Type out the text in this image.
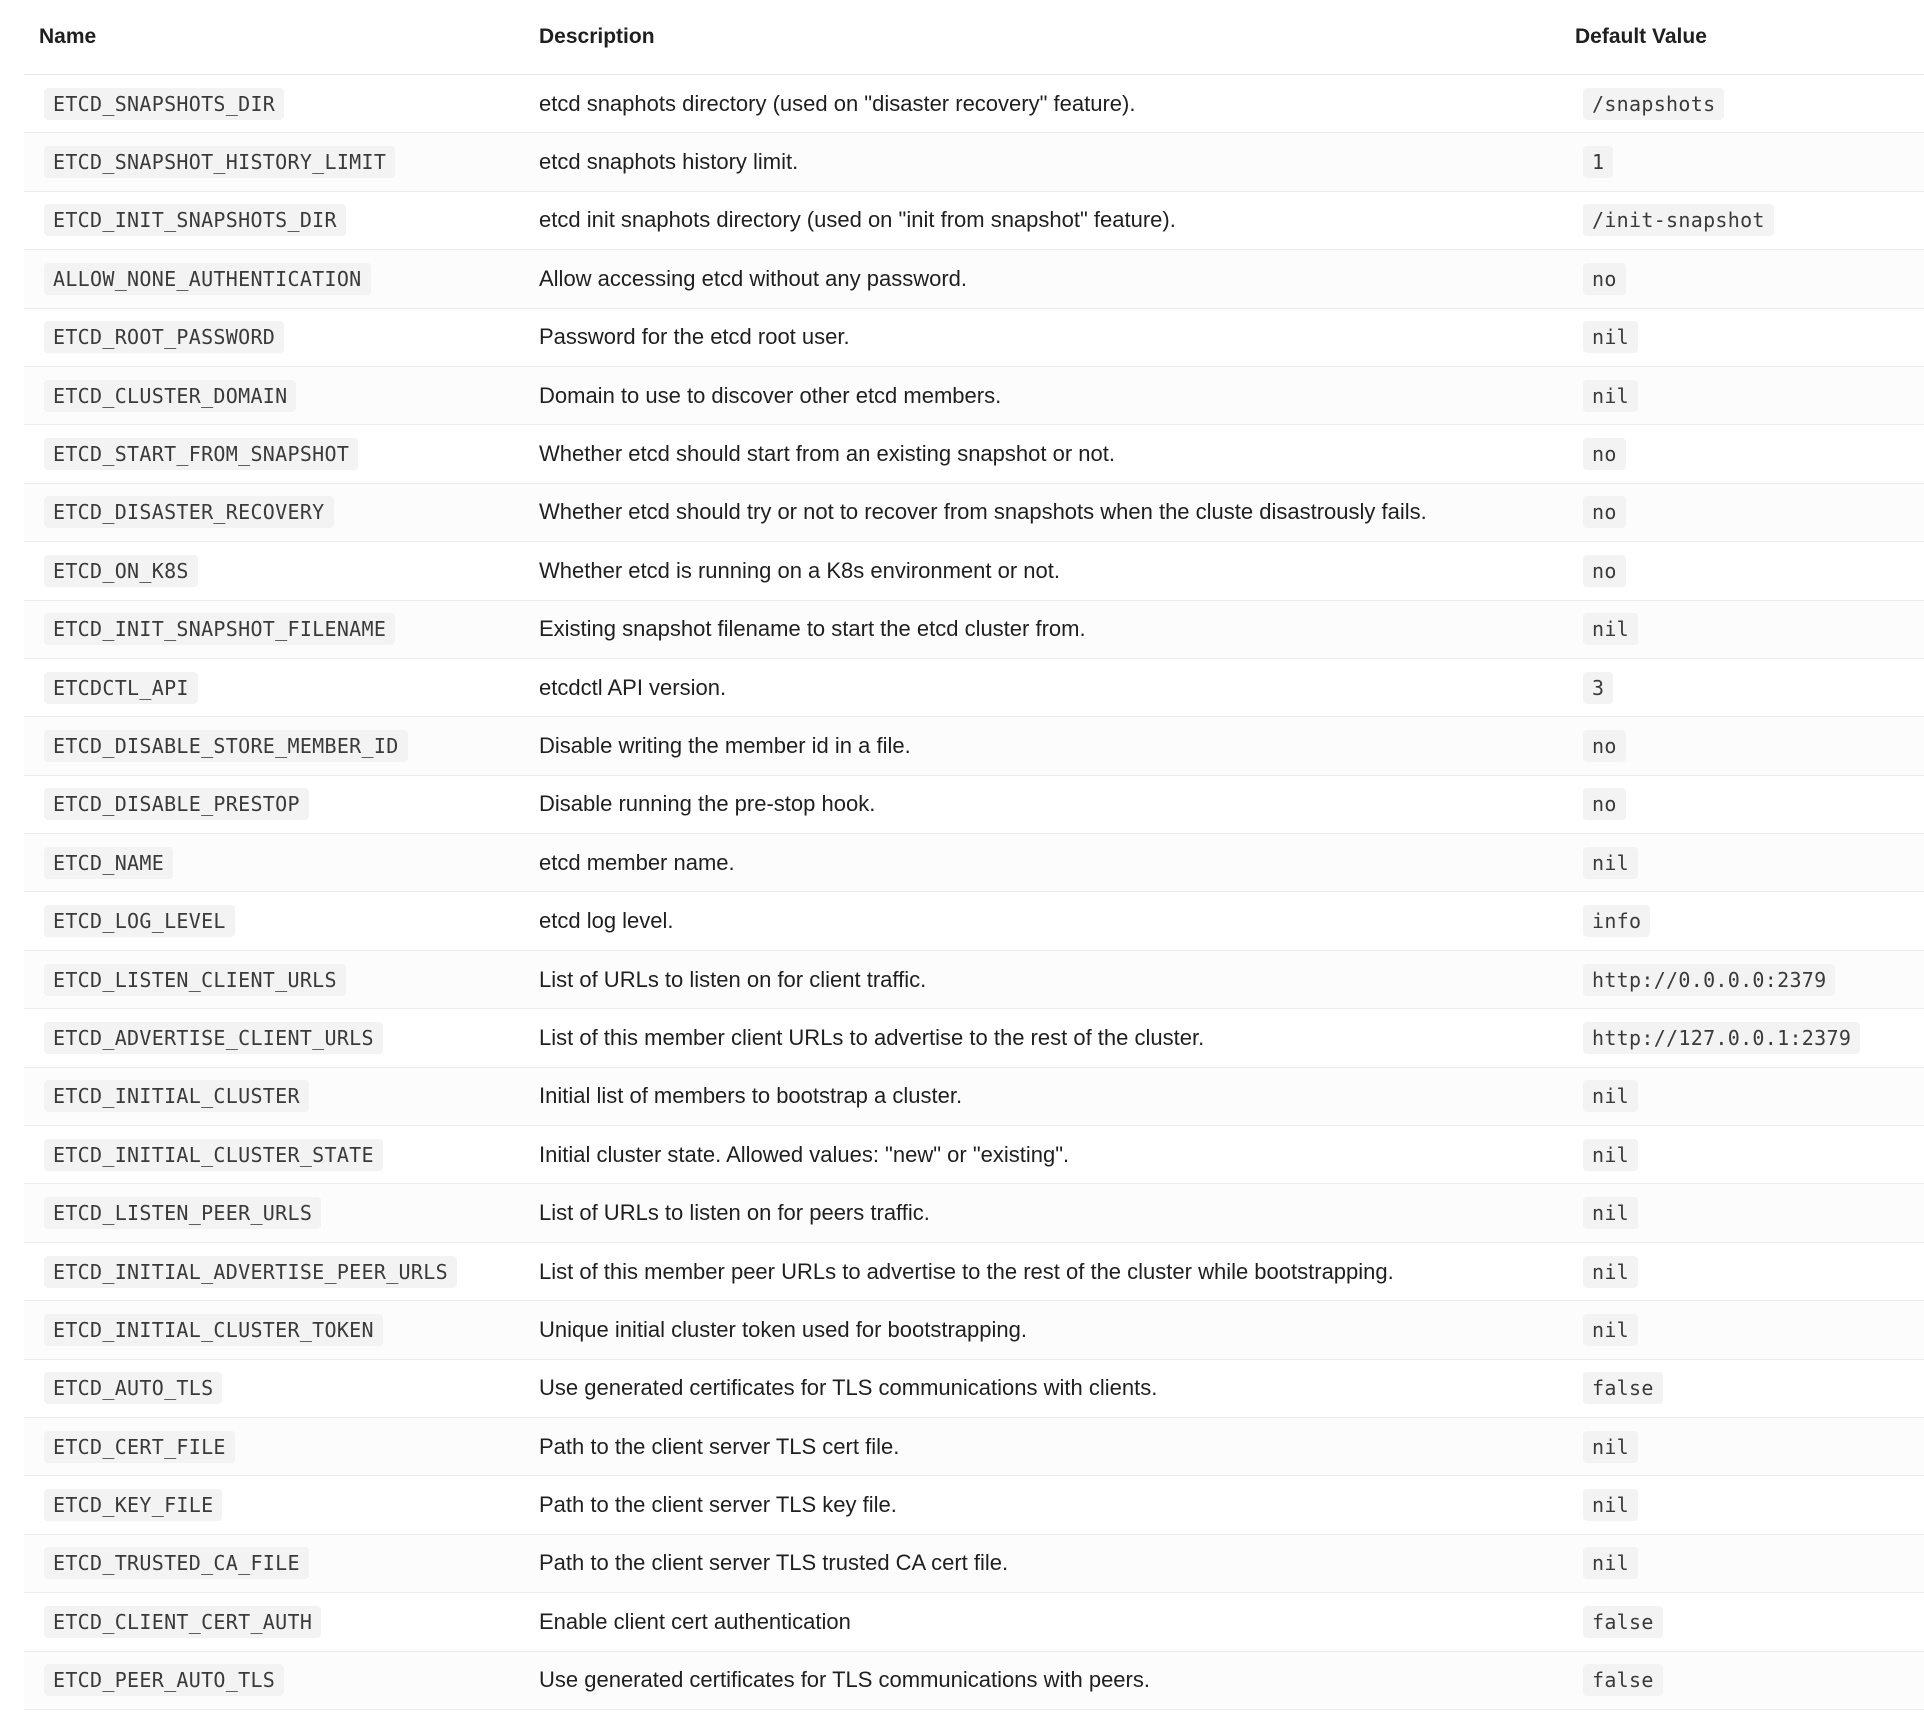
Name	Description	Default Value
ETCD_SNAPSHOTS_DIR	etcd snaphots directory (used on "disaster recovery" feature).	/snapshots
ETCD_SNAPSHOT_HISTORY_LIMIT	etcd snaphots history limit.	1
ETCD_INIT_SNAPSHOTS_DIR	etcd init snaphots directory (used on "init from snapshot" feature).	/init-snapshot
ALLOW_NONE_AUTHENTICATION	Allow accessing etcd without any password.	no
ETCD_ROOT_PASSWORD	Password for the etcd root user.	nil
ETCD_CLUSTER_DOMAIN	Domain to use to discover other etcd members.	nil
ETCD_START_FROM_SNAPSHOT	Whether etcd should start from an existing snapshot or not.	no
ETCD_DISASTER_RECOVERY	Whether etcd should try or not to recover from snapshots when the cluste disastrously fails.	no
ETCD_ON_K8S	Whether etcd is running on a K8s environment or not.	no
ETCD_INIT_SNAPSHOT_FILENAME	Existing snapshot filename to start the etcd cluster from.	nil
ETCDCTL_API	etcdctl API version.	3
ETCD_DISABLE_STORE_MEMBER_ID	Disable writing the member id in a file.	no
ETCD_DISABLE_PRESTOP	Disable running the pre-stop hook.	no
ETCD_NAME	etcd member name.	nil
ETCD_LOG_LEVEL	etcd log level.	info
ETCD_LISTEN_CLIENT_URLS	List of URLs to listen on for client traffic.	http://0.0.0.0:2379
ETCD_ADVERTISE_CLIENT_URLS	List of this member client URLs to advertise to the rest of the cluster.	http://127.0.0.1:2379
ETCD_INITIAL_CLUSTER	Initial list of members to bootstrap a cluster.	nil
ETCD_INITIAL_CLUSTER_STATE	Initial cluster state. Allowed values: "new" or "existing".	nil
ETCD_LISTEN_PEER_URLS	List of URLs to listen on for peers traffic.	nil
ETCD_INITIAL_ADVERTISE_PEER_URLS	List of this member peer URLs to advertise to the rest of the cluster while bootstrapping.	nil
ETCD_INITIAL_CLUSTER_TOKEN	Unique initial cluster token used for bootstrapping.	nil
ETCD_AUTO_TLS	Use generated certificates for TLS communications with clients.	false
ETCD_CERT_FILE	Path to the client server TLS cert file.	nil
ETCD_KEY_FILE	Path to the client server TLS key file.	nil
ETCD_TRUSTED_CA_FILE	Path to the client server TLS trusted CA cert file.	nil
ETCD_CLIENT_CERT_AUTH	Enable client cert authentication	false
ETCD_PEER_AUTO_TLS	Use generated certificates for TLS communications with peers.	false
